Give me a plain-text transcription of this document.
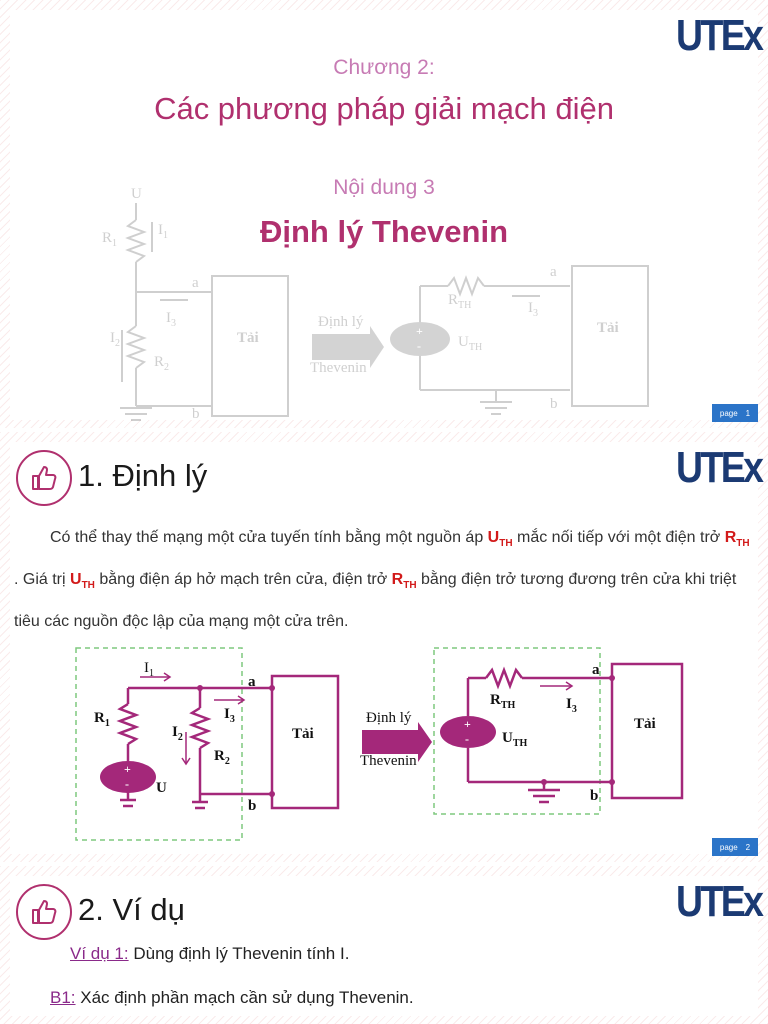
UTEx
Chương 2:
Các phương pháp giải mạch điện
Nội dung 3
Định lý Thevenin
U
$R_1$
$I_1$
a
$I_3$
$I_2$
$R_2$
b
Tải
Định lý
Thevenin
$R_{TH}$	$I_3$
$U_{TH}$
a
b
Tải
+
-
page 1
UTEx
1. Định lý
Có thể thay thế mạng một cửa tuyến tính bằng một nguồn áp $U_{TH}$ mắc nối tiếp với một điện trở $R_{TH}$ . Giá trị $U_{TH}$ bằng điện áp hở mạch trên cửa, điện trở $R_{TH}$ bằng điện trở tương đương trên cửa khi triệt tiêu các nguồn độc lập của mạng một cửa trên.
$I_1$
a
$R_1$
$I_2$
$R_2$
$I_3$
U
b
Tải
Định lý
Thevenin
$R_{TH}$	$I_3$
$U_{TH}$
a
b
Tải
+
-
+
-
page 2
UTEx
2. Ví dụ
Ví dụ 1: Dùng định lý Thevenin tính I.
B1: Xác định phần mạch cần sử dụng Thevenin.
